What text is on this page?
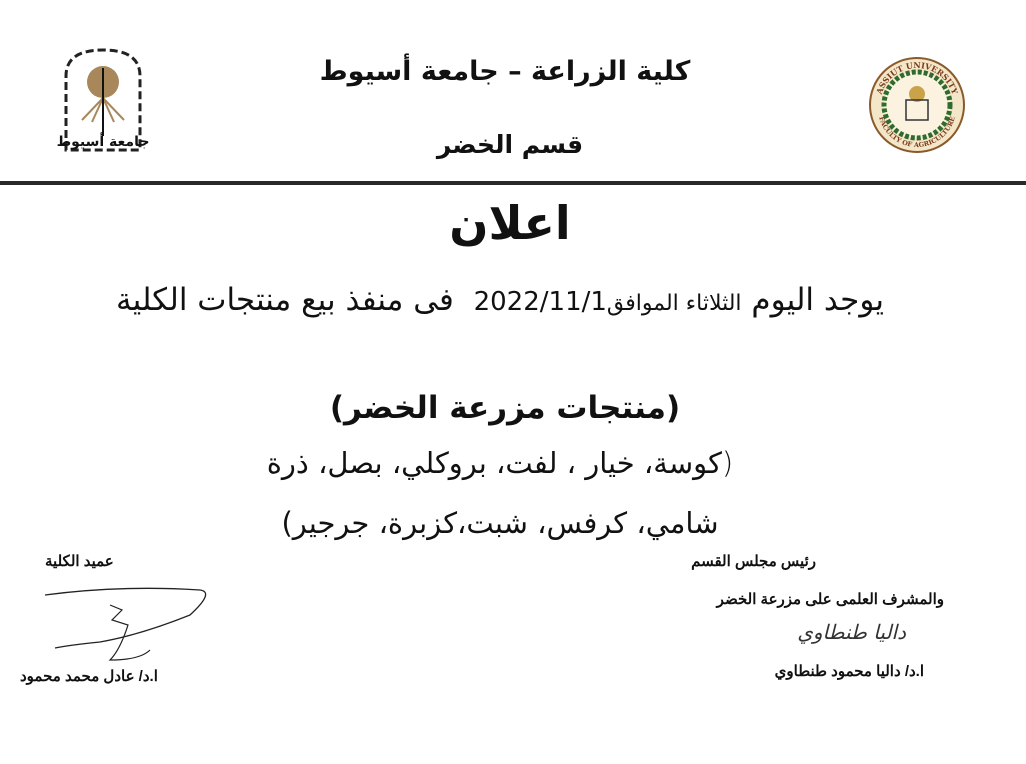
جامعة أسيوط
ASSIUT UNIVERSITY
FACULTY OF AGRICULTURE
كلية الزراعة – جامعة أسيوط
قسم الخضر
اعلان
يوجد اليوم الثلاثاء الموافق2022/11/1  فى منفذ بيع منتجات الكلية
(منتجات مزرعة الخضر)
(كوسة، خيار ، لفت، بروكلي، بصل، ذرة
شامي، كرفس، شبت،كزبرة، جرجير)
رئيس مجلس القسم
والمشرف العلمى على مزرعة الخضر
داليا طنطاوي
ا.د/ داليا محمود طنطاوي
عميد الكلية
ا.د/ عادل محمد محمود
